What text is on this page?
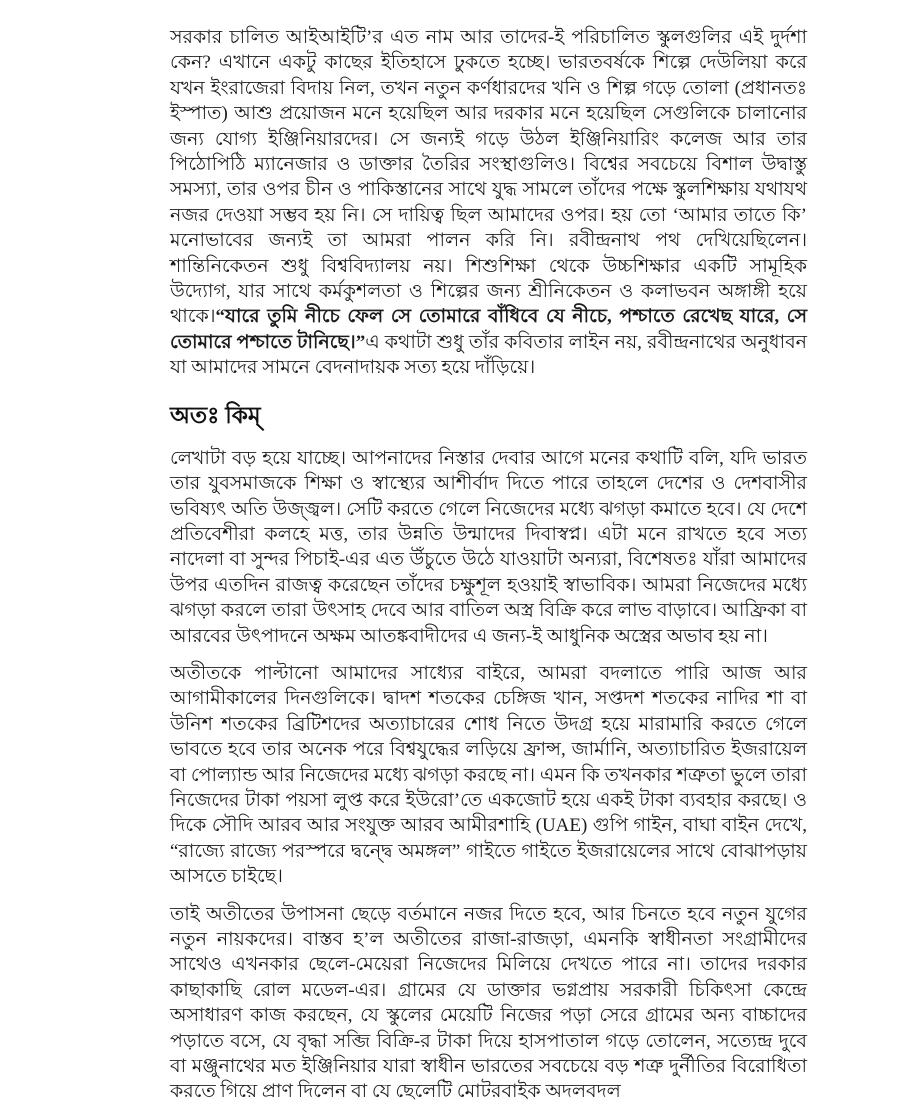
সরকার চালিত আইআইটি’র এত নাম আর তাদের-ই পরিচালিত স্কুলগুলির এই দুর্দশা কেন? এখানে একটু কাছের ইতিহাসে ঢুকতে হচ্ছে। ভারতবর্ষকে শিল্পে দেউলিয়া করে যখন ইংরাজেরা বিদায় নিল, তখন নতুন কর্ণধারদের খনি ও শিল্প গড়ে তোলা (প্রধানতঃ ইস্পাত) আশু প্রয়োজন মনে হয়েছিল আর দরকার মনে হয়েছিল সেগুলিকে চালানোর জন্য যোগ্য ইঞ্জিনিয়ারদের। সে জন্যই গড়ে উঠল ইঞ্জিনিয়ারিং কলেজ আর তার পিঠোপিঠি ম্যানেজার ও ডাক্তার তৈরির সংস্থাগুলিও। বিশ্বের সবচেয়ে বিশাল উদ্বাস্তু সমস্যা, তার ওপর চীন ও পাকিস্তানের সাথে যুদ্ধ সামলে তাঁদের পক্ষে স্কুলশিক্ষায় যথাযথ নজর দেওয়া সম্ভব হয় নি। সে দায়িত্ব ছিল আমাদের ওপর। হয় তো ‘আমার তাতে কি’ মনোভাবের জন্যই তা আমরা পালন করি নি। রবীন্দ্রনাথ পথ দেখিয়েছিলেন। শান্তিনিকেতন শুধু বিশ্ববিদ্যালয় নয়। শিশুশিক্ষা থেকে উচ্চশিক্ষার একটি সামূহিক উদ্যোগ, যার সাথে কর্মকুশলতা ও শিল্পের জন্য শ্রীনিকেতন ও কলাভবন অঙ্গাঙ্গী হয়ে থাকে।“যারে তুমি নীচে ফেল সে তোমারে বাঁধিবে যে নীচে, পশ্চাতে রেখেছ যারে, সে তোমারে পশ্চাতে টানিছে।”এ কথাটা শুধু তাঁর কবিতার লাইন নয়, রবীন্দ্রনাথের অনুধাবন যা আমাদের সামনে বেদনাদায়ক সত্য হয়ে দাঁড়িয়ে।

অতঃ কিম্

লেখাটা বড় হয়ে যাচ্ছে। আপনাদের নিস্তার দেবার আগে মনের কথাটি বলি, যদি ভারত তার যুবসমাজকে শিক্ষা ও স্বাস্থ্যের আশীর্বাদ দিতে পারে তাহলে দেশের ও দেশবাসীর ভবিষ্যৎ অতি উজ্জ্বল। সেটি করতে গেলে নিজেদের মধ্যে ঝগড়া কমাতে হবে। যে দেশে প্রতিবেশীরা কলহে মত্ত, তার উন্নতি উন্মাদের দিবাস্বপ্ন। এটা মনে রাখতে হবে সত্য নাদেলা বা সুন্দর পিচাই-এর এত উঁচুতে উঠে যাওয়াটা অন্যরা, বিশেষতঃ যাঁরা আমাদের উপর এতদিন রাজত্ব করেছেন তাঁদের চক্ষুশূল হওয়াই স্বাভাবিক। আমরা নিজেদের মধ্যে ঝগড়া করলে তারা উৎসাহ দেবে আর বাতিল অস্ত্র বিক্রি করে লাভ বাড়াবে। আফ্রিকা বা আরবের উৎপাদনে অক্ষম আতঙ্কবাদীদের এ জন্য-ই আধুনিক অস্ত্রের অভাব হয় না।

অতীতকে পাল্টানো আমাদের সাধ্যের বাইরে, আমরা বদলাতে পারি আজ আর আগামীকালের দিনগুলিকে। দ্বাদশ শতকের চেঙ্গিজ খান, সপ্তদশ শতকের নাদির শা বা উনিশ শতকের ব্রিটিশদের অত্যাচারের শোধ নিতে উদগ্র হয়ে মারামারি করতে গেলে ভাবতে হবে তার অনেক পরে বিশ্বযুদ্ধের লড়িয়ে ফ্রান্স, জার্মানি, অত্যাচারিত ইজরায়েল বা পোল্যান্ড আর নিজেদের মধ্যে ঝগড়া করছে না। এমন কি তখনকার শত্রুতা ভুলে তারা নিজেদের টাকা পয়সা লুপ্ত করে ইউরো’তে একজোট হয়ে একই টাকা ব্যবহার করছে। ও দিকে সৌদি আরব আর সংযুক্ত আরব আমীরশাহি (UAE) গুপি গাইন, বাঘা বাইন দেখে, “রাজ্যে রাজ্যে পরস্পরে দ্বন্দ্বে অমঙ্গল” গাইতে গাইতে ইজরায়েলের সাথে বোঝাপড়ায় আসতে চাইছে।

তাই অতীতের উপাসনা ছেড়ে বর্তমানে নজর দিতে হবে, আর চিনতে হবে নতুন যুগের নতুন নায়কদের। বাস্তব হ’ল অতীতের রাজা-রাজড়া, এমনকি স্বাধীনতা সংগ্রামীদের সাথেও এখনকার ছেলে-মেয়েরা নিজেদের মিলিয়ে দেখতে পারে না। তাদের দরকার কাছাকাছি রোল মডেল-এর। গ্রামের যে ডাক্তার ভগ্নপ্রায় সরকারী চিকিৎসা কেন্দ্রে অসাধারণ কাজ করছেন, যে স্কুলের মেয়েটি নিজের পড়া সেরে গ্রামের অন্য বাচ্চাদের পড়াতে বসে, যে বৃদ্ধা সব্জি বিক্রি-র টাকা দিয়ে হাসপাতাল গড়ে তোলেন, সত্যেন্দ্র দুবে বা মঞ্জুনাথের মত ইঞ্জিনিয়ার যারা স্বাধীন ভারতের সবচেয়ে বড় শত্রু দুর্নীতির বিরোধিতা করতে গিয়ে প্রাণ দিলেন বা যে ছেলেটি মোটরবাইক অদলবদল
